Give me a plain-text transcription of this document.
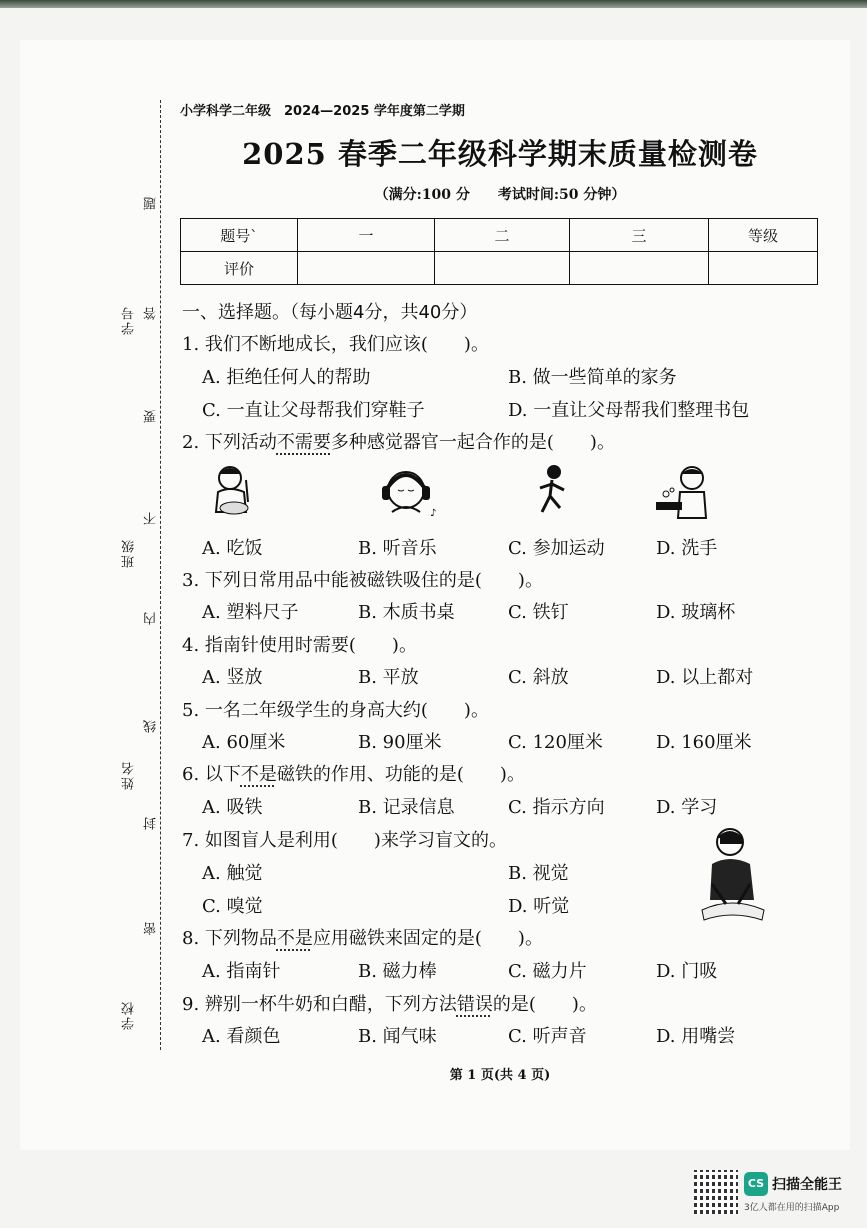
题
答
要
不
内
线
封
密
学号
班级
姓名
学校
小学科学二年级　2024—2025 学年度第二学期
2025 春季二年级科学期末质量检测卷
（满分:100 分　　考试时间:50 分钟）
题号`	一	二	三	等级
评价				
一、选择题。（每小题4分，共40分）
1. 我们不断地成长，我们应该(　　)。
A. 拒绝任何人的帮助	B. 做一些简单的家务
C. 一直让父母帮我们穿鞋子	D. 一直让父母帮我们整理书包
2. 下列活动不需要多种感觉器官一起合作的是(　　)。
♪
A. 吃饭	B. 听音乐	C. 参加运动	D. 洗手
3. 下列日常用品中能被磁铁吸住的是(　　)。
A. 塑料尺子	B. 木质书桌	C. 铁钉	D. 玻璃杯
4. 指南针使用时需要(　　)。
A. 竖放	B. 平放	C. 斜放	D. 以上都对
5. 一名二年级学生的身高大约(　　)。
A. 60厘米	B. 90厘米	C. 120厘米	D. 160厘米
6. 以下不是磁铁的作用、功能的是(　　)。
A. 吸铁	B. 记录信息	C. 指示方向	D. 学习
7. 如图盲人是利用(　　)来学习盲文的。
A. 触觉	B. 视觉
C. 嗅觉	D. 听觉
8. 下列物品不是应用磁铁来固定的是(　　)。
A. 指南针	B. 磁力棒	C. 磁力片	D. 门吸
9. 辨别一杯牛奶和白醋，下列方法错误的是(　　)。
A. 看颜色	B. 闻气味	C. 听声音	D. 用嘴尝
第 1 页(共 4 页)
CS 扫描全能王
3亿人都在用的扫描App
